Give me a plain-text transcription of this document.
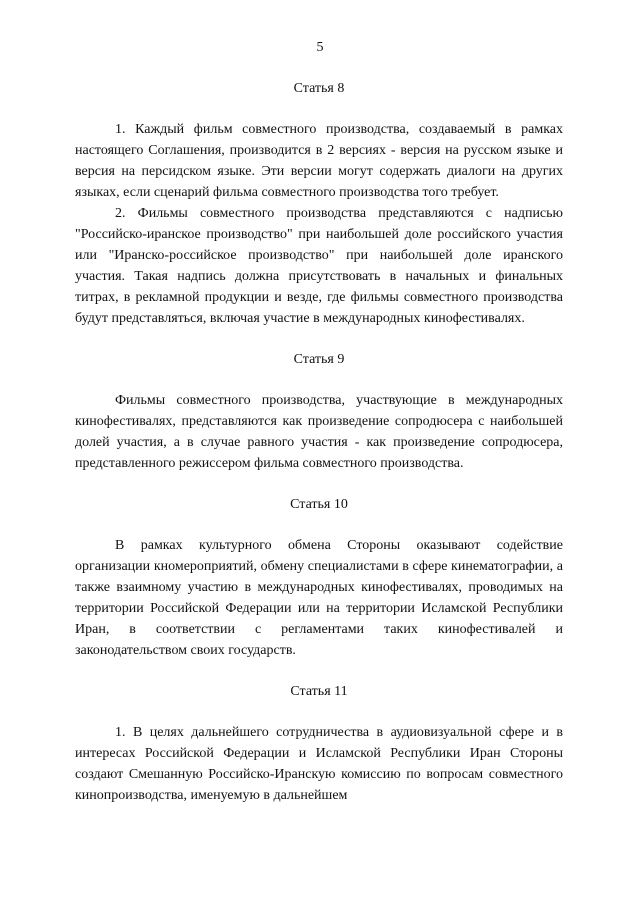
5
Статья 8

1. Каждый фильм совместного производства, создаваемый в рамках настоящего Соглашения, производится в 2 версиях - версия на русском языке и версия на персидском языке. Эти версии могут содержать диалоги на других языках, если сценарий фильма совместного производства того требует.

2. Фильмы совместного производства представляются с надписью "Российско-иранское производство" при наибольшей доле российского участия или "Иранско-российское производство" при наибольшей доле иранского участия. Такая надпись должна присутствовать в начальных и финальных титрах, в рекламной продукции и везде, где фильмы совместного производства будут представляться, включая участие в международных кинофестивалях.

Статья 9

Фильмы совместного производства, участвующие в международных кинофестивалях, представляются как произведение сопродюсера с наибольшей долей участия, а в случае равного участия - как произведение сопродюсера, представленного режиссером фильма совместного производства.

Статья 10

В рамках культурного обмена Стороны оказывают содействие организации кномероприятий, обмену специалистами в сфере кинематографии, а также взаимному участию в международных кинофестивалях, проводимых на территории Российской Федерации или на территории Исламской Республики Иран, в соответствии с регламентами таких кинофестивалей и законодательством своих государств.

Статья 11

1. В целях дальнейшего сотрудничества в аудиовизуальной сфере и в интересах Российской Федерации и Исламской Республики Иран Стороны создают Смешанную Российско-Иранскую комиссию по вопросам совместного кинопроизводства, именуемую в дальнейшем
